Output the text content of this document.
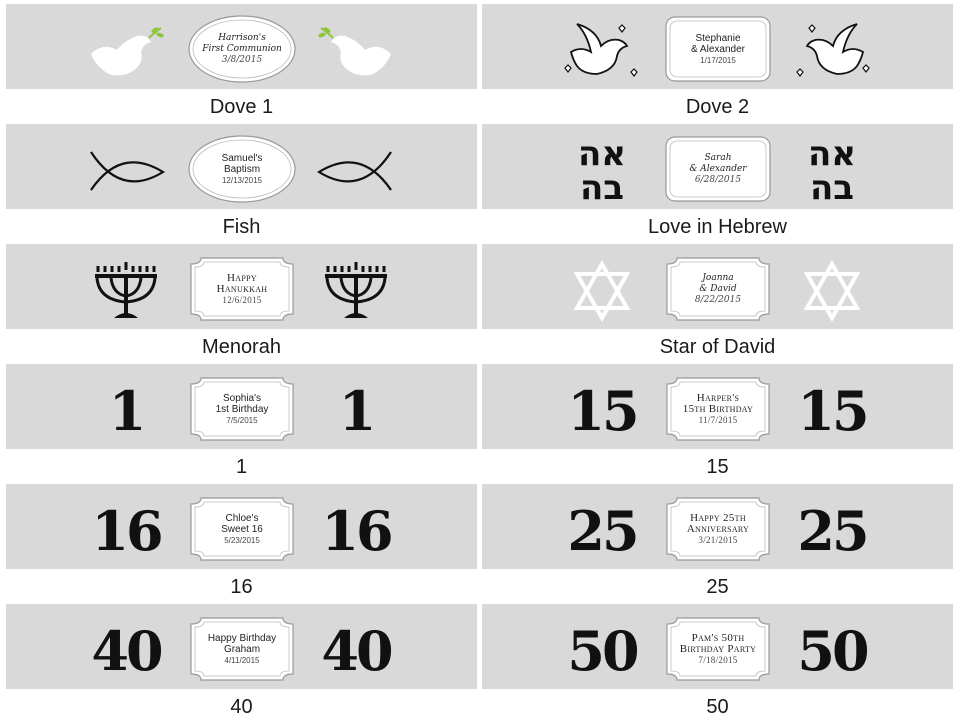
Harrison's
First Communion
3/8/2015
Dove 1
Stephanie
& Alexander
1/17/2015
Dove 2
Samuel's
Baptism
12/13/2015
Fish
אה
בה
אה
בה
Sarah
& Alexander
6/28/2015
Love in Hebrew
Happy
Hanukkah
12/6/2015
Menorah
Joanna
& David
8/22/2015
Star of David
1	1
Sophia's
1st Birthday
7/5/2015
1
15	15
Harper's
15th Birthday
11/7/2015
15
16	16
Chloe's
Sweet 16
5/23/2015
16
25	25
Happy 25th
Anniversary
3/21/2015
25
40	40
Happy Birthday
Graham
4/11/2015
40
50	50
Pam's 50th
Birthday Party
7/18/2015
50
